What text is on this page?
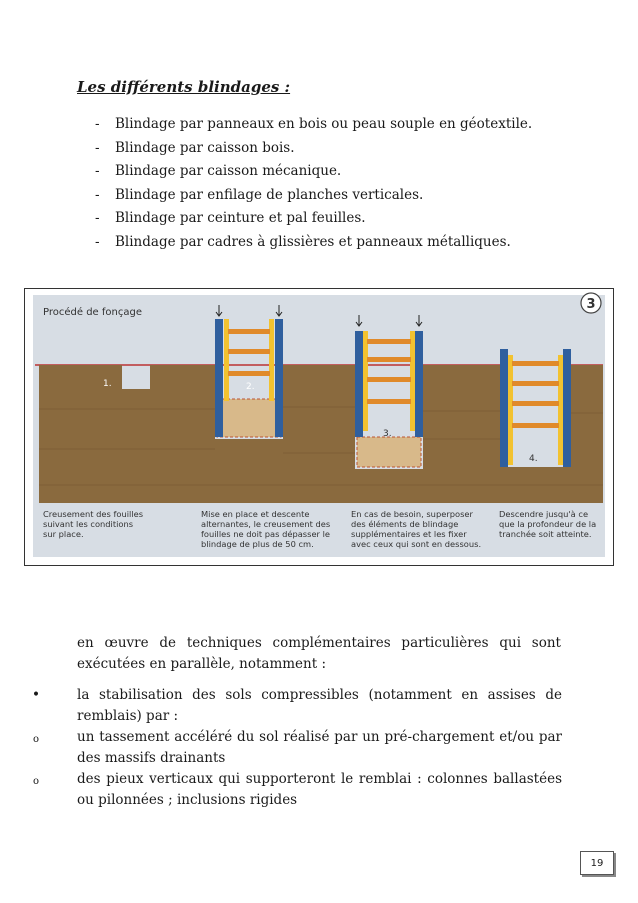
Les différents blindages :

- Blindage par panneaux en bois ou peau souple en géotextile.
- Blindage par caisson bois.
- Blindage par caisson mécanique.
- Blindage par enfilage de planches verticales.
- Blindage par ceinture et pal feuilles.
- Blindage par cadres à glissières et panneaux métalliques.
Procédé de fonçage
3
1.	2.
3.
4.
Creusement des fouilles
suivant les conditions
sur place.
Mise en place et descente
alternantes, le creusement des
fouilles ne doit pas dépasser le
blindage de plus de 50 cm.
En cas de besoin, superposer
des éléments de blindage
supplémentaires et les fixer
avec ceux qui sont en dessous.
Descendre jusqu'à ce
que la profondeur de la
tranchée soit atteinte.

en œuvre de techniques complémentaires particulières qui sont exécutées en parallèle, notamment :

•	la stabilisation des sols compressibles (notamment en assises de remblais) par :
o	un tassement accéléré du sol réalisé par un pré-chargement et/ou par des massifs drainants
o	des pieux verticaux qui supporteront le remblai : colonnes ballastées ou pilonnées ; inclusions rigides
19
